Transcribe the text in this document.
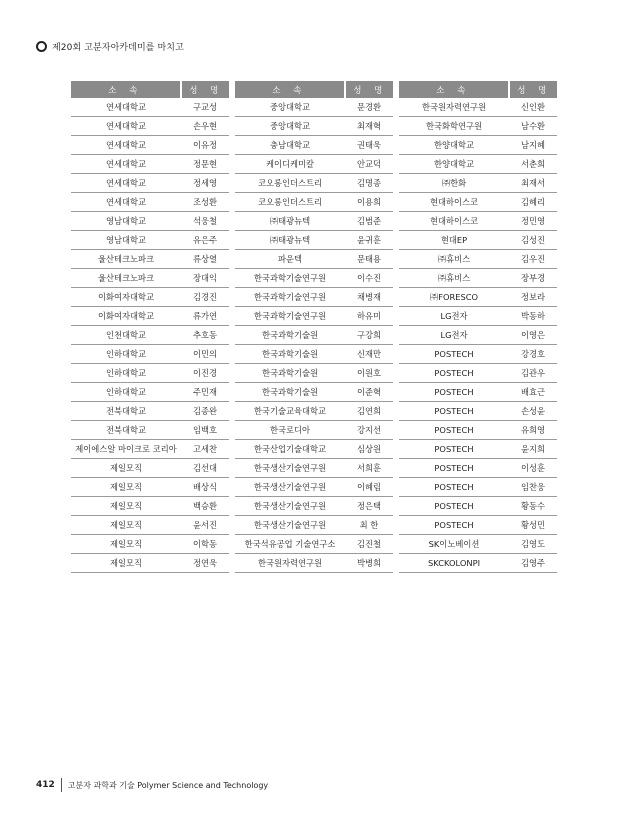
제20회 고분자아카데미를 마치고
소 속	성 명
연세대학교	구교성
연세대학교	손우현
연세대학교	이유정
연세대학교	정문현
연세대학교	정세영
연세대학교	조성환
영남대학교	석웅철
영남대학교	유은주
울산테크노파크	류상열
울산테크노파크	장대익
이화여자대학교	김경진
이화여자대학교	류가연
인천대학교	추호동
인하대학교	이민의
인하대학교	이진경
인하대학교	주민재
전북대학교	김종완
전북대학교	임백호
제이에스알 마이크로 코리아	고세찬
제일모직	김선대
제일모직	배상식
제일모직	백승환
제일모직	윤서진
제일모직	이학동
제일모직	정연욱
소 속	성 명
중앙대학교	문경환
중앙대학교	최재혁
충남대학교	권태욱
케이디케미칼	안교덕
코오롱인더스트리	김명종
코오롱인더스트리	이용희
㈜태광뉴텍	김범준
㈜태광뉴텍	윤귀훈
파운텍	문태용
한국과학기술연구원	이수진
한국과학기술연구원	채병재
한국과학기술연구원	하유미
한국과학기술원	구강희
한국과학기술원	신재만
한국과학기술원	이원호
한국과학기술원	이준혁
한국기술교육대학교	김연희
한국로디아	강지선
한국산업기술대학교	심상원
한국생산기술연구원	서희훈
한국생산기술연구원	이혜림
한국생산기술연구원	정은택
한국생산기술연구원	최 한
한국석유공업 기술연구소	김진철
한국원자력연구원	박병희
소 속	성 명
한국원자력연구원	신인환
한국화학연구원	남수환
한양대학교	남지혜
한양대학교	서춘희
㈜한화	최재서
현대하이스코	김혜리
현대하이스코	정민영
현대EP	김성진
㈜휴비스	김우진
㈜휴비스	장부경
㈜FORESCO	정보라
LG전자	박동하
LG전자	이영은
POSTECH	강경호
POSTECH	김관우
POSTECH	배효근
POSTECH	손성윤
POSTECH	유희영
POSTECH	윤지희
POSTECH	이성훈
POSTECH	임찬웅
POSTECH	황동수
POSTECH	황성민
SK이노베이션	김영도
SKCKOLONPI	김영주
412 고분자 과학과 기술 Polymer Science and Technology
